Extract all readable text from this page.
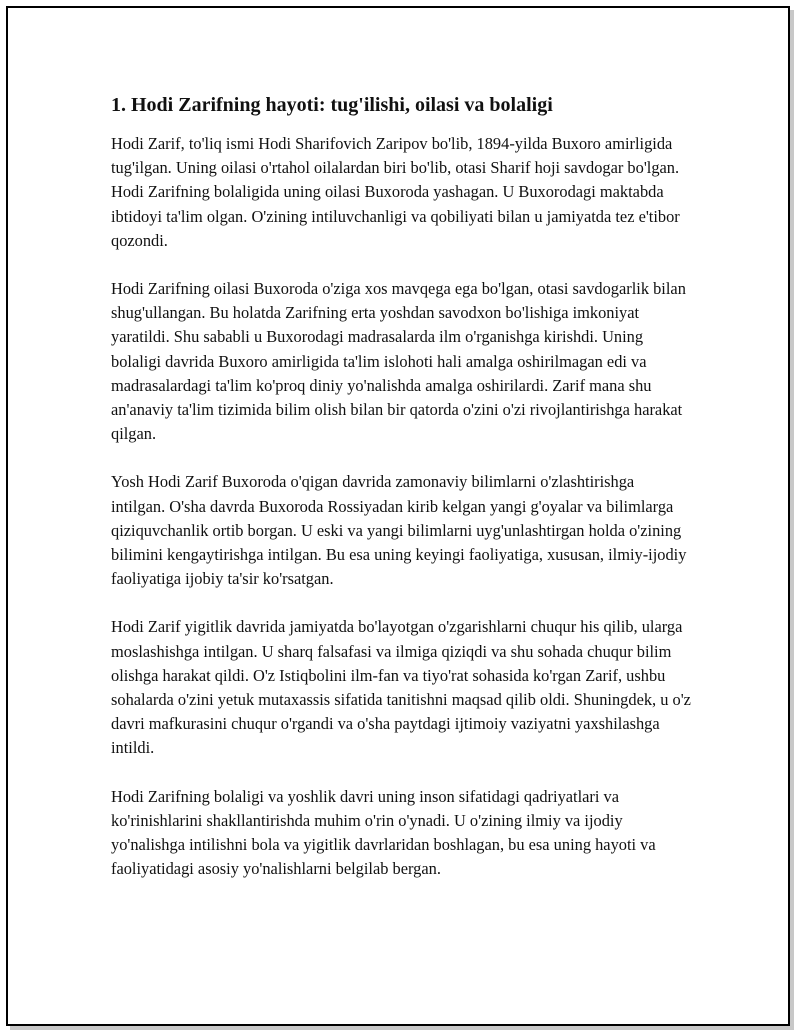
1. Hodi Zarifning hayoti: tug'ilishi, oilasi va bolaligi

Hodi Zarif, to'liq ismi Hodi Sharifovich Zaripov bo'lib, 1894-yilda Buxoro amirligida tug'ilgan. Uning oilasi o'rtahol oilalardan biri bo'lib, otasi Sharif hoji savdogar bo'lgan. Hodi Zarifning bolaligida uning oilasi Buxoroda yashagan. U Buxorodagi maktabda ibtidoyi ta'lim olgan. O'zining intiluvchanligi va qobiliyati bilan u jamiyatda tez e'tibor qozondi.

Hodi Zarifning oilasi Buxoroda o'ziga xos mavqega ega bo'lgan, otasi savdogarlik bilan shug'ullangan. Bu holatda Zarifning erta yoshdan savodxon bo'lishiga imkoniyat yaratildi. Shu sababli u Buxorodagi madrasalarda ilm o'rganishga kirishdi. Uning bolaligi davrida Buxoro amirligida ta'lim islohoti hali amalga oshirilmagan edi va madrasalardagi ta'lim ko'proq diniy yo'nalishda amalga oshirilardi. Zarif mana shu an'anaviy ta'lim tizimida bilim olish bilan bir qatorda o'zini o'zi rivojlantirishga harakat qilgan.

Yosh Hodi Zarif Buxoroda o'qigan davrida zamonaviy bilimlarni o'zlashtirishga intilgan. O'sha davrda Buxoroda Rossiyadan kirib kelgan yangi g'oyalar va bilimlarga qiziquvchanlik ortib borgan. U eski va yangi bilimlarni uyg'unlashtirgan holda o'zining bilimini kengaytirishga intilgan. Bu esa uning keyingi faoliyatiga, xususan, ilmiy-ijodiy faoliyatiga ijobiy ta'sir ko'rsatgan.

Hodi Zarif yigitlik davrida jamiyatda bo'layotgan o'zgarishlarni chuqur his qilib, ularga moslashishga intilgan. U sharq falsafasi va ilmiga qiziqdi va shu sohada chuqur bilim olishga harakat qildi. O'z Istiqbolini ilm-fan va tiyo'rat sohasida ko'rgan Zarif, ushbu sohalarda o'zini yetuk mutaxassis sifatida tanitishni maqsad qilib oldi. Shuningdek, u o'z davri mafkurasini chuqur o'rgandi va o'sha paytdagi ijtimoiy vaziyatni yaxshilashga intildi.

Hodi Zarifning bolaligi va yoshlik davri uning inson sifatidagi qadriyatlari va ko'rinishlarini shakllantirishda muhim o'rin o'ynadi. U o'zining ilmiy va ijodiy yo'nalishga intilishni bola va yigitlik davrlaridan boshlagan, bu esa uning hayoti va faoliyatidagi asosiy yo'nalishlarni belgilab bergan.
